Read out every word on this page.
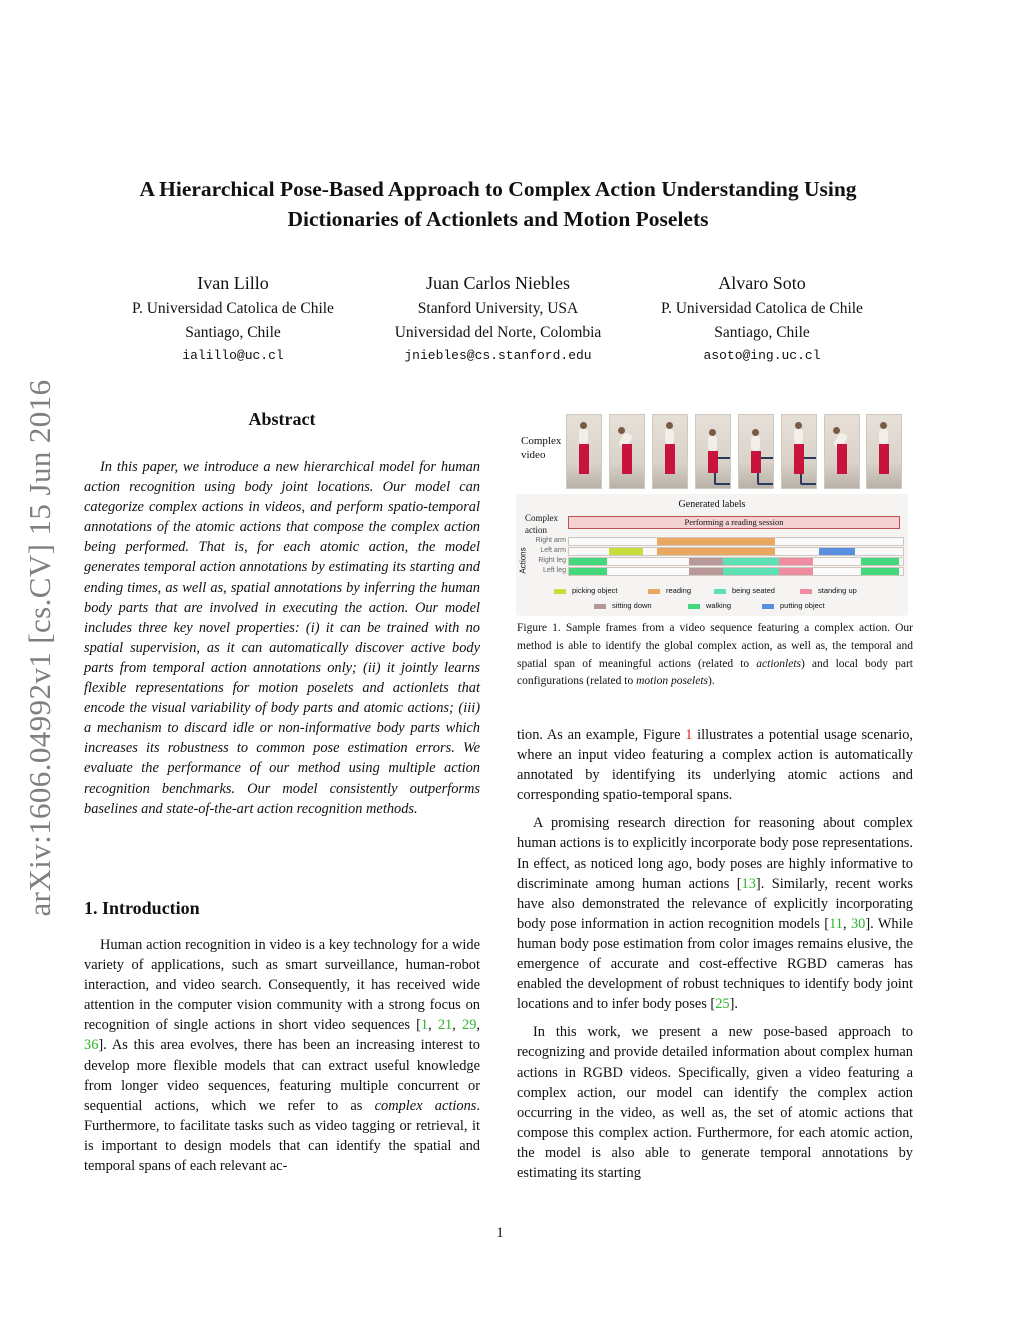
A Hierarchical Pose-Based Approach to Complex Action Understanding Using
Dictionaries of Actionlets and Motion Poselets
Ivan Lillo
P. Universidad Catolica de Chile
Santiago, Chile
ialillo@uc.cl
Juan Carlos Niebles
Stanford University, USA
Universidad del Norte, Colombia
jniebles@cs.stanford.edu
Alvaro Soto
P. Universidad Catolica de Chile
Santiago, Chile
asoto@ing.uc.cl
arXiv:1606.04992v1 [cs.CV] 15 Jun 2016	Abstract

In this paper, we introduce a new hierarchical model for human action recognition using body joint locations. Our model can categorize complex actions in videos, and perform spatio-temporal annotations of the atomic actions that compose the complex action being performed. That is, for each atomic action, the model generates temporal action annotations by estimating its starting and ending times, as well as, spatial annotations by inferring the human body parts that are involved in executing the action. Our model includes three key novel properties: (i) it can be trained with no spatial supervision, as it can automatically discover active body parts from temporal action annotations only; (ii) it jointly learns flexible representations for motion poselets and actionlets that encode the visual variability of body parts and atomic actions; (iii) a mechanism to discard idle or non-informative body parts which increases its robustness to common pose estimation errors. We evaluate the performance of our method using multiple action recognition benchmarks. Our model consistently outperforms baselines and state-of-the-art action recognition methods.

1. Introduction

Human action recognition in video is a key technology for a wide variety of applications, such as smart surveillance, human-robot interaction, and video search. Consequently, it has received wide attention in the computer vision community with a strong focus on recognition of single actions in short video sequences [1, 21, 29, 36]. As this area evolves, there has been an increasing interest to develop more flexible models that can extract useful knowledge from longer video sequences, featuring multiple concurrent or sequential actions, which we refer to as complex actions. Furthermore, to facilitate tasks such as video tagging or retrieval, it is important to design models that can identify the spatial and temporal spans of each relevant ac-

Complex video
Generated labels
Complex action
Performing a reading session
Actions
Right arm
Left arm
Right leg
Left leg
picking object	reading	being seated	standing up
sitting down	walking	putting object
Figure 1. Sample frames from a video sequence featuring a complex action. Our method is able to identify the global complex action, as well as, the temporal and spatial span of meaningful actions (related to actionlets) and local body part configurations (related to motion poselets).

tion. As an example, Figure 1 illustrates a potential usage scenario, where an input video featuring a complex action is automatically annotated by identifying its underlying atomic actions and corresponding spatio-temporal spans.

A promising research direction for reasoning about complex human actions is to explicitly incorporate body pose representations. In effect, as noticed long ago, body poses are highly informative to discriminate among human actions [13]. Similarly, recent works have also demonstrated the relevance of explicitly incorporating body pose information in action recognition models [11, 30]. While human body pose estimation from color images remains elusive, the emergence of accurate and cost-effective RGBD cameras has enabled the development of robust techniques to identify body joint locations and to infer body poses [25].

In this work, we present a new pose-based approach to recognizing and provide detailed information about complex human actions in RGBD videos. Specifically, given a video featuring a complex action, our model can identify the complex action occurring in the video, as well as, the set of atomic actions that compose this complex action. Furthermore, for each atomic action, the model is also able to generate temporal annotations by estimating its starting

1
